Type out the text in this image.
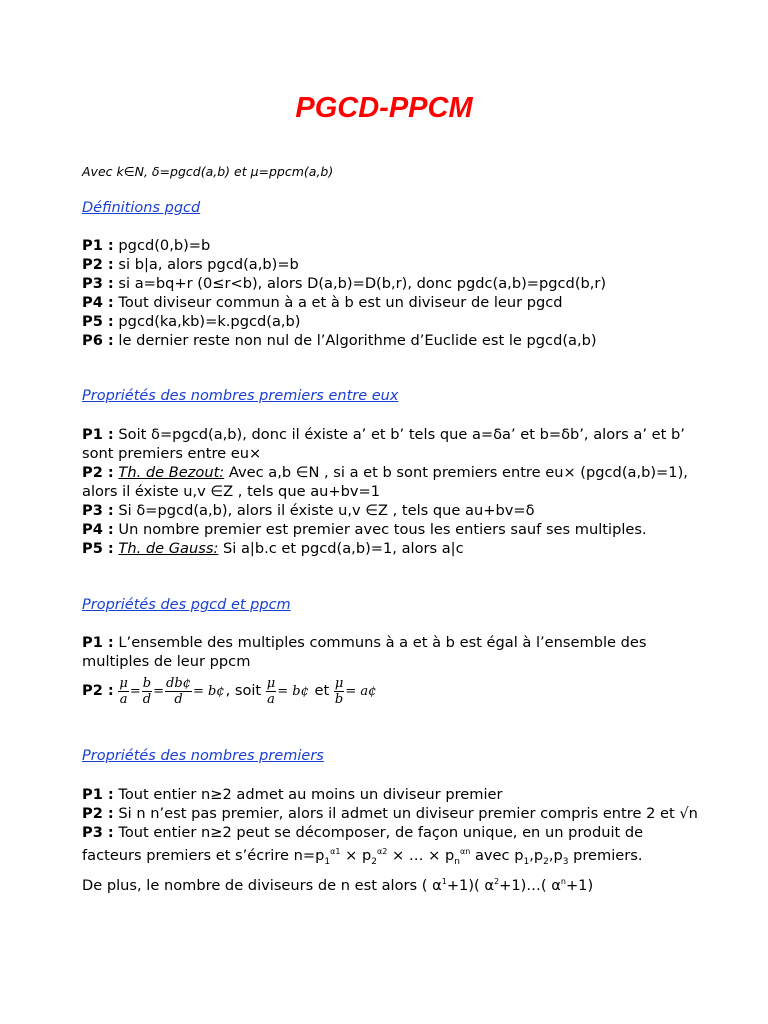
PGCD-PPCM

Avec k∈N, δ=pgcd(a,b) et μ=ppcm(a,b)

Définitions pgcd
P1 : pgcd(0,b)=b
P2 : si b|a, alors pgcd(a,b)=b
P3 : si a=bq+r (0≤r<b), alors D(a,b)=D(b,r), donc pgdc(a,b)=pgcd(b,r)
P4 : Tout diviseur commun à a et à b est un diviseur de leur pgcd
P5 : pgcd(ka,kb)=k.pgcd(a,b)
P6 : le dernier reste non nul de l’Algorithme d’Euclide est le pgcd(a,b)
Propriétés des nombres premiers entre eux
P1 : Soit δ=pgcd(a,b), donc il éxiste a’ et b’ tels que a=δa’ et b=δb’, alors a’ et b’ sont premiers entre eu×
P2 : Th. de Bezout: Avec a,b ∈N , si a et b sont premiers entre eu× (pgcd(a,b)=1), alors il éxiste u,v ∈Z , tels que au+bv=1
P3 : Si δ=pgcd(a,b), alors il éxiste u,v ∈Z , tels que au+bv=δ
P4 : Un nombre premier est premier avec tous les entiers sauf ses multiples.
P5 : Th. de Gauss: Si a|b.c et pgcd(a,b)=1, alors a|c
Propriétés des pgcd et ppcm
P1 : L’ensemble des multiples communs à a et à b est égal à l’ensemble des multiples de leur ppcm
P2 : $\frac{\mu}{a} = \frac{b}{d} = \frac{db¢}{d}$ = b¢, soit $\frac{\mu}{a}$ = b¢ et $\frac{\mu}{b}$ = a¢
Propriétés des nombres premiers
P1 : Tout entier n≥2 admet au moins un diviseur premier
P2 : Si n n’est pas premier, alors il admet un diviseur premier compris entre 2 et √n
P3 : Tout entier n≥2 peut se décomposer, de façon unique, en un produit de facteurs premiers et s’écrire $n=p_1^{\alpha 1} \times p_2^{\alpha 2}$ × … × $p_n^{\alpha n}$ avec $p_1,p_2,p_3$ premiers.
De plus, le nombre de diviseurs de n est alors ( $\alpha^1+1$)( $\alpha^2+1)\dots$( $\alpha^n+1$)
